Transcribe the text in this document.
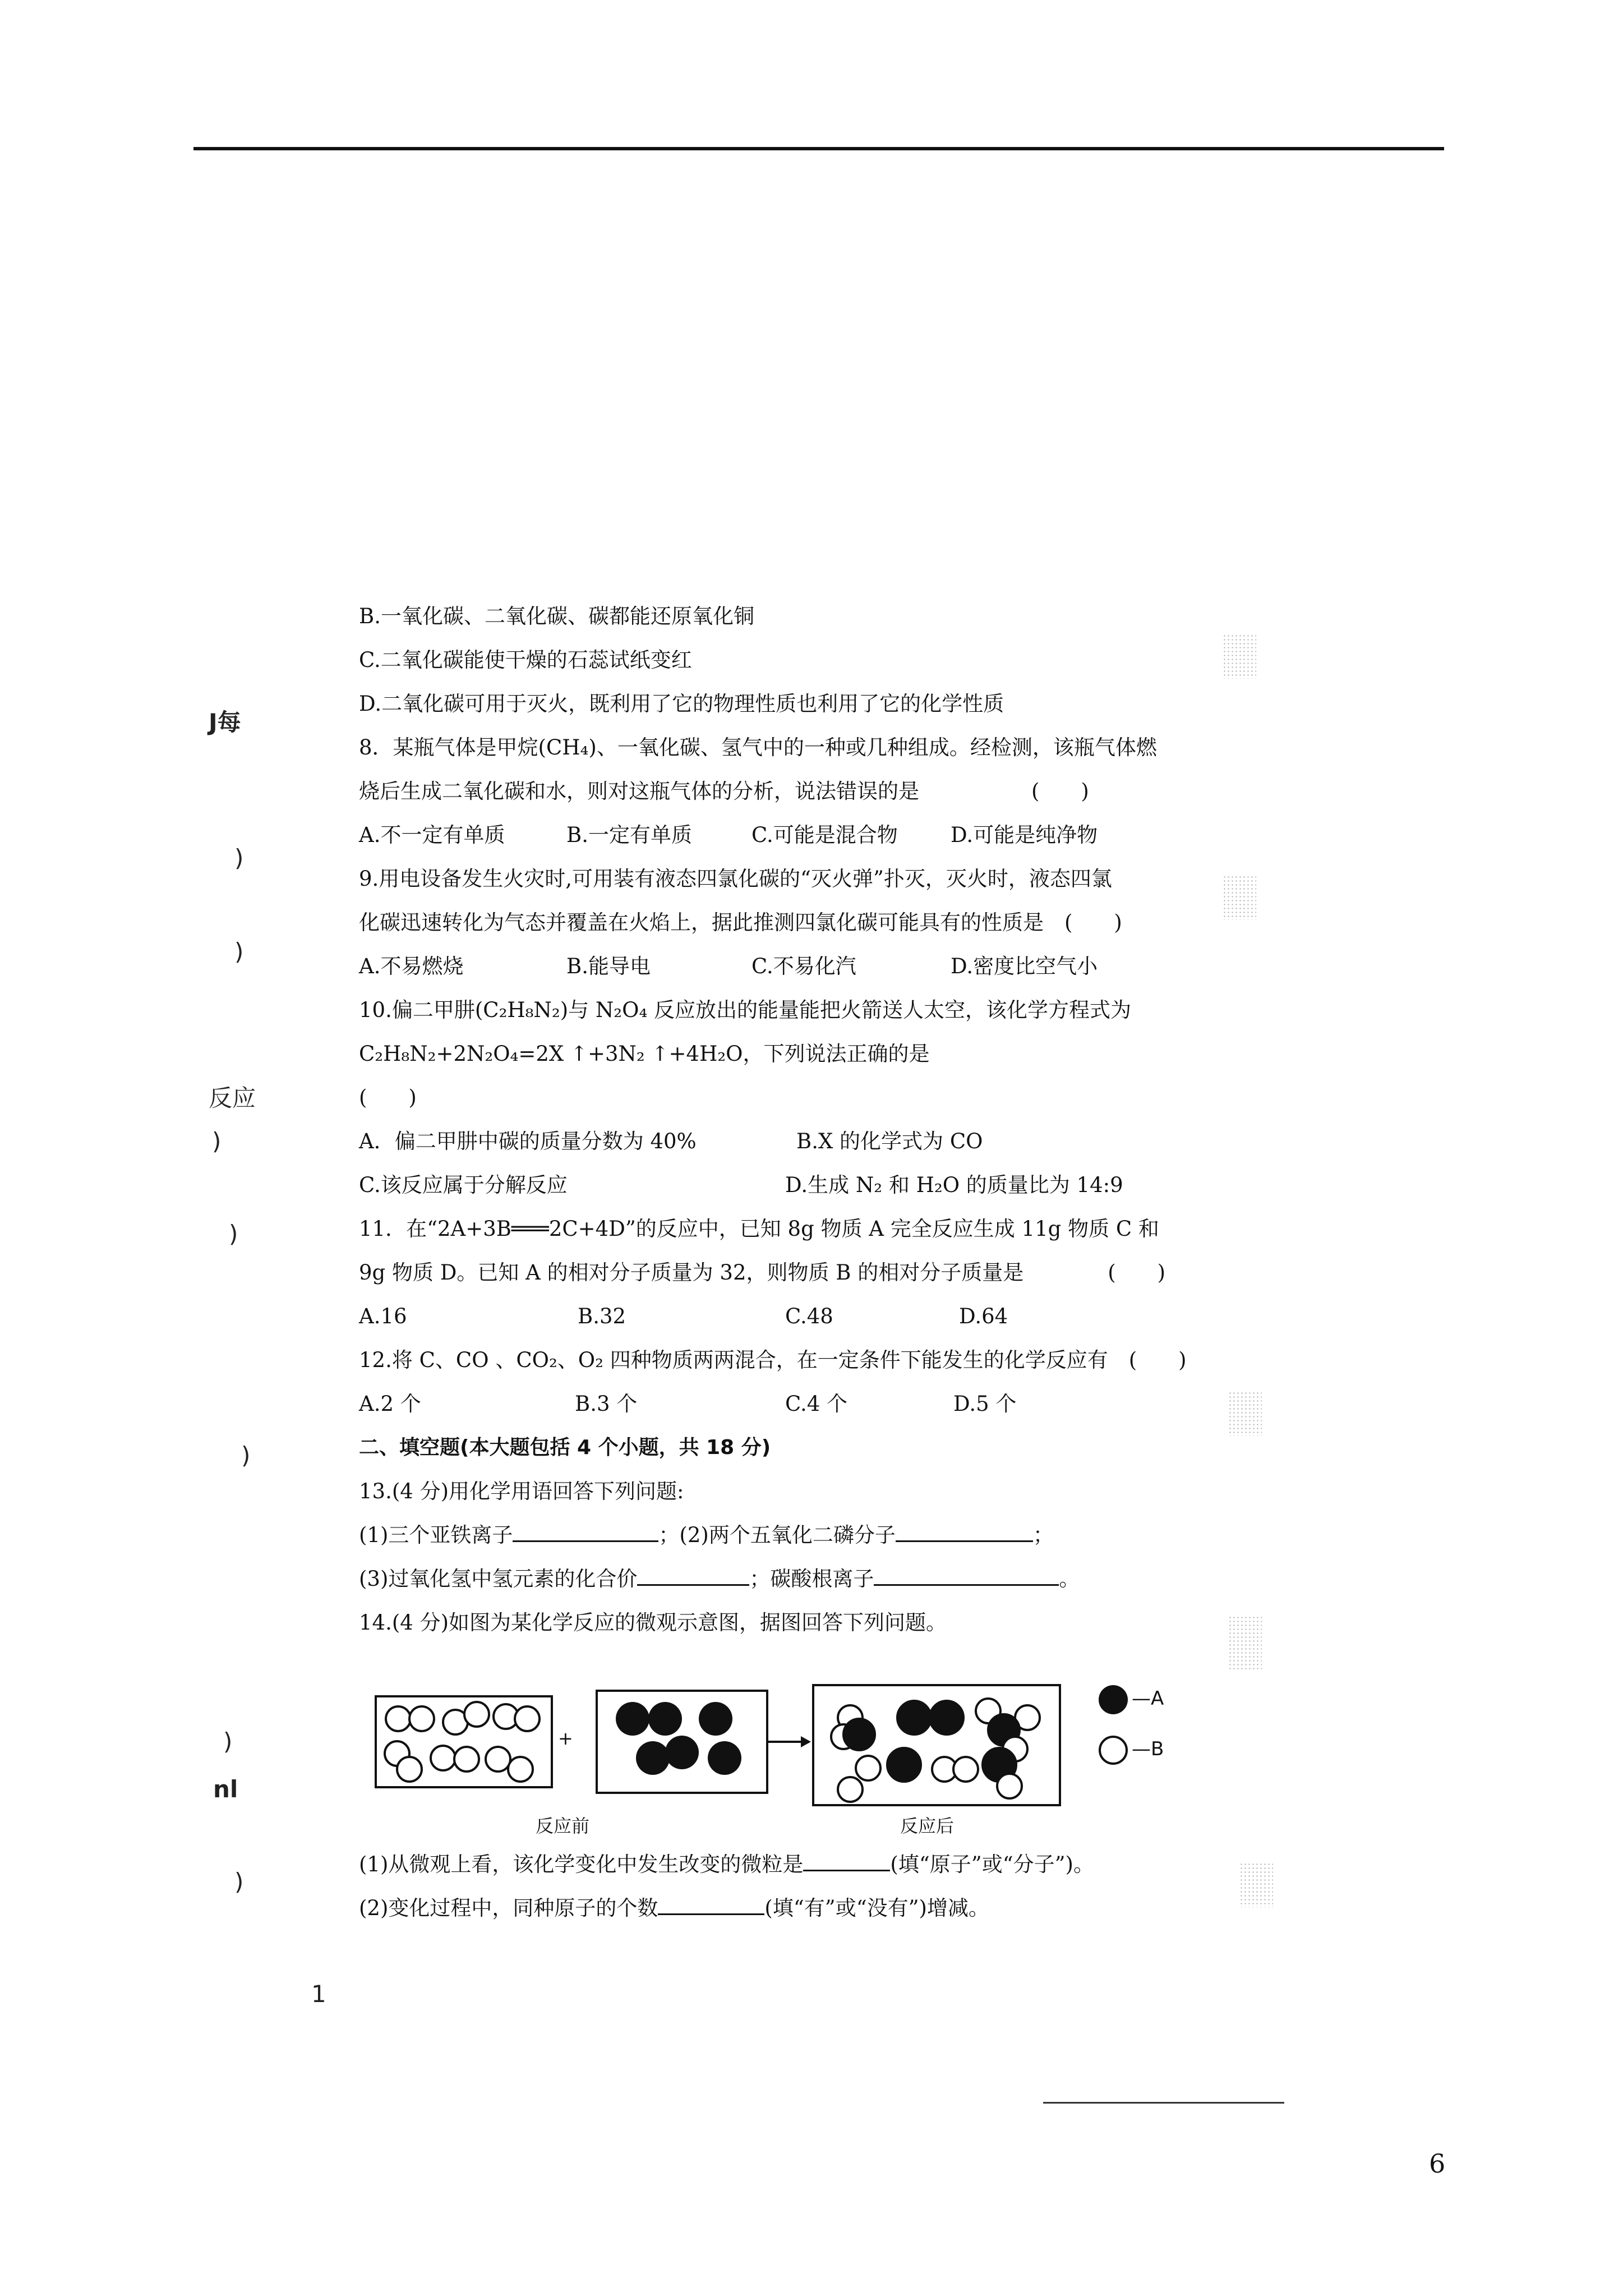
J每
)
)
反应
)
)
)
)
nl
)
1
B.一氧化碳、二氧化碳、碳都能还原氧化铜
C.二氧化碳能使干燥的石蕊试纸变红
D.二氧化碳可用于灭火，既利用了它的物理性质也利用了它的化学性质
8．某瓶气体是甲烷(CH₄)、一氧化碳、氢气中的一种或几种组成。经检测，该瓶气体燃
烧后生成二氧化碳和水，则对这瓶气体的分析，说法错误的是	(　　)
A.不一定有单质	B.一定有单质	C.可能是混合物	D.可能是纯净物
9.用电设备发生火灾时,可用装有液态四氯化碳的“灭火弹”扑灭，灭火时，液态四氯
化碳迅速转化为气态并覆盖在火焰上，据此推测四氯化碳可能具有的性质是　(　　)
A.不易燃烧	B.能导电	C.不易化汽	D.密度比空气小
10.偏二甲肼(C₂H₈N₂)与 N₂O₄ 反应放出的能量能把火箭送人太空，该化学方程式为
C₂H₈N₂+2N₂O₄=2X ↑+3N₂ ↑+4H₂O，下列说法正确的是
(　　)
A．偏二甲肼中碳的质量分数为 40%	B.X 的化学式为 CO
C.该反应属于分解反应	D.生成 N₂ 和 H₂O 的质量比为 14:9
11．在“2A+3B═══2C+4D”的反应中，已知 8g 物质 A 完全反应生成 11g 物质 C 和
9g 物质 D。已知 A 的相对分子质量为 32，则物质 B 的相对分子质量是	(　　)
A.16	B.32	C.48	D.64
12.将 C、CO 、CO₂、O₂ 四种物质两两混合，在一定条件下能发生的化学反应有　(　　)
A.2 个	B.3 个	C.4 个	D.5 个
二、填空题(本大题包括 4 个小题，共 18 分)
13.(4 分)用化学用语回答下列问题:
(1)三个亚铁离子	；(2)两个五氧化二磷分子	；
(3)过氧化氢中氢元素的化合价	；碳酸根离子	。
14.(4 分)如图为某化学反应的微观示意图，据图回答下列问题。
+
反应前	反应后
—A
—B
(1)从微观上看，该化学变化中发生改变的微粒是	(填“原子”或“分子”)。
(2)变化过程中，同种原子的个数	(填“有”或“没有”)增减。
6
